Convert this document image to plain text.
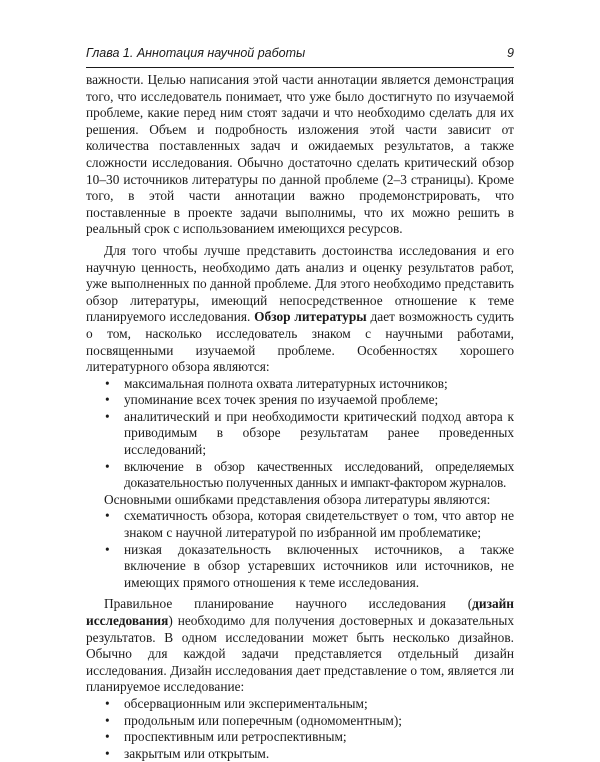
Глава 1. Аннотация научной работы	9

важности. Целью написания этой части аннотации является демонстрация того, что исследователь понимает, что уже было достигнуто по изучаемой проблеме, какие перед ним стоят задачи и что необходимо сделать для их решения. Объем и подробность изложения этой части зависит от количества поставленных задач и ожидаемых результатов, а также сложности исследования. Обычно достаточно сделать критический обзор 10–30 источников литературы по данной проблеме (2–3 страницы). Кроме того, в этой части аннотации важно продемонстрировать, что поставленные в проекте задачи выполнимы, что их можно решить в реальный срок с использованием имеющихся ресурсов.

Для того чтобы лучше представить достоинства исследования и его научную ценность, необходимо дать анализ и оценку результатов работ, уже выполненных по данной проблеме. Для этого необходимо представить обзор литературы, имеющий непосредственное отношение к теме планируемого исследования. Обзор литературы дает возможность судить о том, насколько исследователь знаком с научными работами, посвященными изучаемой проблеме. Особенностях хорошего литературного обзора являются:

•
максимальная полнота охвата литературных источников;
•
упоминание всех точек зрения по изучаемой проблеме;
•
аналитический и при необходимости критический подход автора к приводимым в обзоре результатам ранее проведенных исследований;
•
включение в обзор качественных исследований, определяемых доказательностью полученных данных и импакт-фактором журналов.

Основными ошибками представления обзора литературы являются:

•
схематичность обзора, которая свидетельствует о том, что автор не знаком с научной литературой по избранной им проблематике;
•
низкая доказательность включенных источников, а также включение в обзор устаревших источников или источников, не имеющих прямого отношения к теме исследования.

Правильное планирование научного исследования (дизайн исследования) необходимо для получения достоверных и доказательных результатов. В одном исследовании может быть несколько дизайнов. Обычно для каждой задачи представляется отдельный дизайн исследования. Дизайн исследования дает представление о том, является ли планируемое исследование:

•
обсервационным или экспериментальным;
•
продольным или поперечным (одномоментным);
•
проспективным или ретроспективным;
•
закрытым или открытым.
